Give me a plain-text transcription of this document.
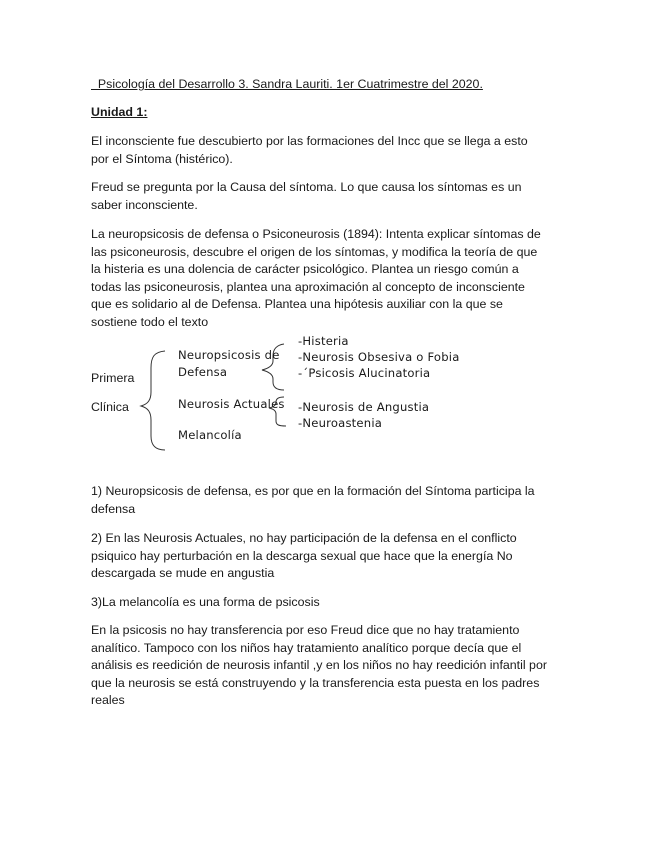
Psicología del Desarrollo 3. Sandra Lauriti. 1er Cuatrimestre del 2020.
Unidad 1:

El inconsciente fue descubierto por las formaciones del Incc que se llega a esto
por el Síntoma (histérico).

Freud se pregunta por la Causa del síntoma. Lo que causa los síntomas es un
saber inconsciente.

La neuropsicosis de defensa o Psiconeurosis (1894): Intenta explicar síntomas de
las psiconeurosis, descubre el origen de los síntomas, y modifica la teoría de que
la histeria es una dolencia de carácter psicológico. Plantea un riesgo común a
todas las psiconeurosis, plantea una aproximación al concepto de inconsciente
que es solidario al de Defensa. Plantea una hipótesis auxiliar con la que se
sostiene todo el texto

Primera
Clínica
Neuropsicosis de
Defensa
Neurosis Actuales
Melancolía
-Histeria
-Neurosis Obsesiva o Fobia
-´Psicosis Alucinatoria
-Neurosis de Angustia
-Neuroastenia

1) Neuropsicosis de defensa, es por que en la formación del Síntoma participa la
defensa

2) En las Neurosis Actuales, no hay participación de la defensa en el conflicto
psiquico hay perturbación en la descarga sexual que hace que la energía No
descargada se mude en angustia

3)La melancolía es una forma de psicosis

En la psicosis no hay transferencia por eso Freud dice que no hay tratamiento
analítico. Tampoco con los niños hay tratamiento analítico porque decía que el
análisis es reedición de neurosis infantil ,y en los niños no hay reedición infantil por
que la neurosis se está construyendo y la transferencia esta puesta en los padres
reales
